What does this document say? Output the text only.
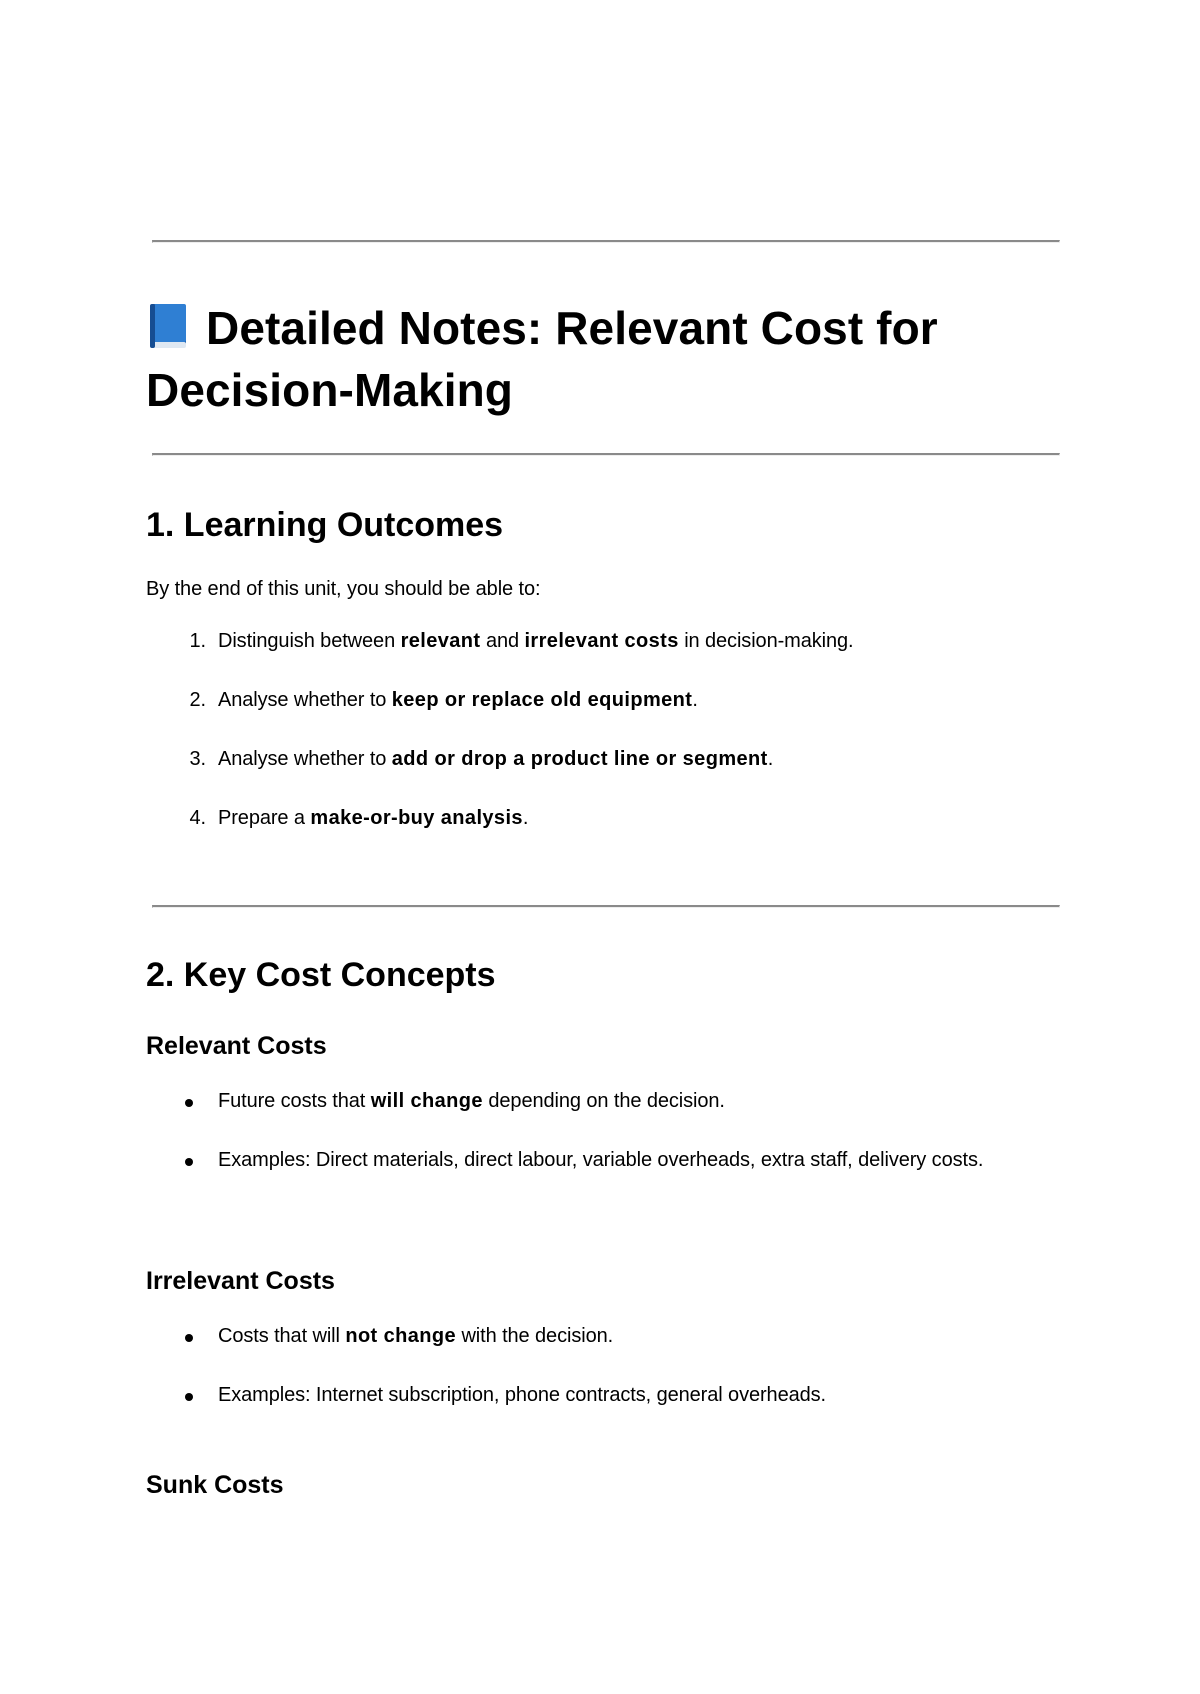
Detailed Notes: Relevant Cost for Decision-Making
1. Learning Outcomes

By the end of this unit, you should be able to:

1. Distinguish between relevant and irrelevant costs in decision-making.
2. Analyse whether to keep or replace old equipment.
3. Analyse whether to add or drop a product line or segment.
4. Prepare a make-or-buy analysis.
2. Key Cost Concepts
Relevant Costs
Future costs that will change depending on the decision.
Examples: Direct materials, direct labour, variable overheads, extra staff, delivery costs.
Irrelevant Costs
Costs that will not change with the decision.
Examples: Internet subscription, phone contracts, general overheads.
Sunk Costs
